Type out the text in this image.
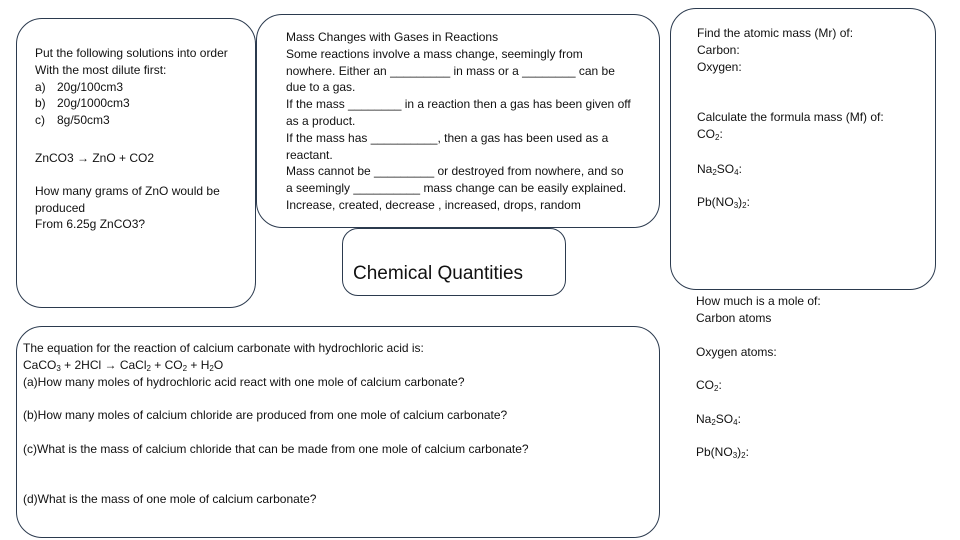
Put the following solutions into order
With the most dilute first:
a) 20g/100cm3
b) 20g/1000cm3
c) 8g/50cm3
ZnCO3 → ZnO + CO2
How many grams of ZnO would be
produced
From 6.25g ZnCO3?
Mass Changes with Gases in Reactions
Some reactions involve a mass change, seemingly from
nowhere. Either an _________ in mass or a ________ can be
due to a gas.
If the mass ________ in a reaction then a gas has been given off
as a product.
If the mass has __________, then a gas has been used as a
reactant.
Mass cannot be _________ or destroyed from nowhere, and so
a seemingly __________ mass change can be easily explained.
Increase, created, decrease , increased, drops, random
Chemical Quantities
Find the atomic mass (Mr) of:
Carbon:
Oxygen:
Calculate the formula mass (Mf) of:
$CO_2$:
$Na_2SO_4$:
$Pb(NO_3)_2$:
How much is a mole of:
Carbon atoms
Oxygen atoms:
$CO_2$:
$Na_2SO_4$:
$Pb(NO_3)_2$:
The equation for the reaction of calcium carbonate with hydrochloric acid is:
CaCO$_3$ + 2HCl → CaCl$_2$ + $CO_2 + H_2O$
(a)How many moles of hydrochloric acid react with one mole of calcium carbonate?
(b)How many moles of calcium chloride are produced from one mole of calcium carbonate?
(c)What is the mass of calcium chloride that can be made from one mole of calcium carbonate?
(d)What is the mass of one mole of calcium carbonate?
